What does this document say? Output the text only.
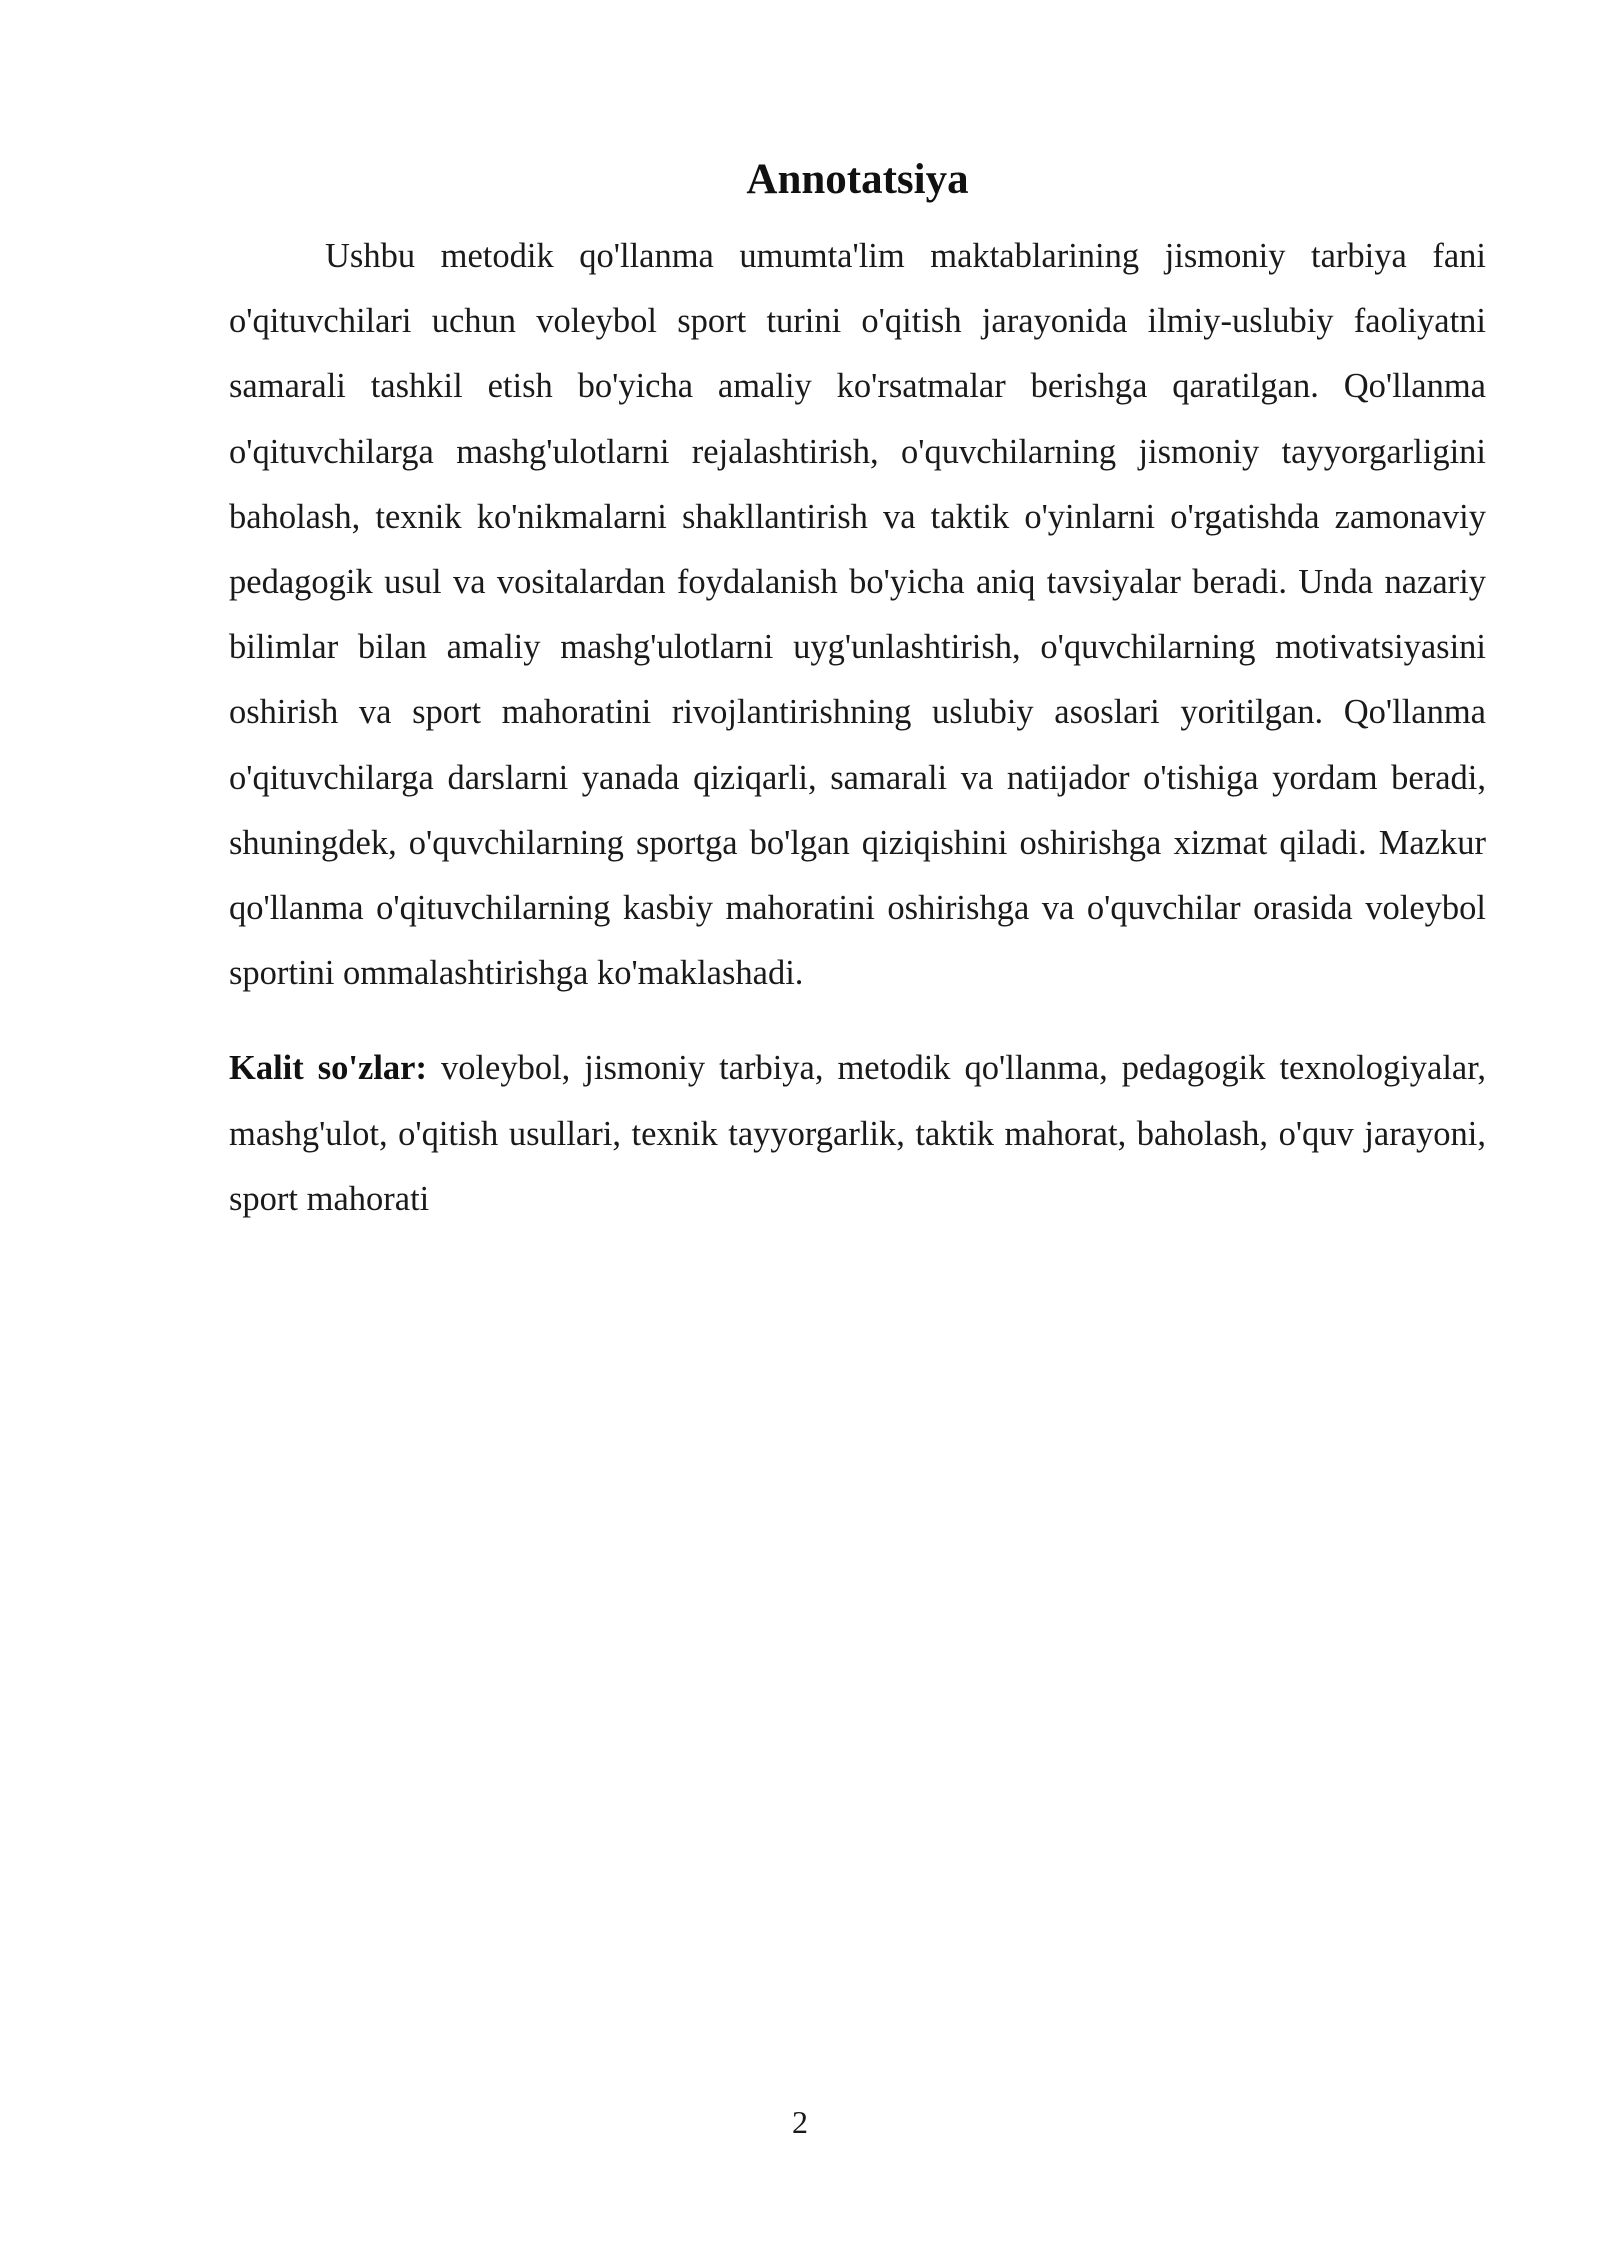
Annotatsiya

Ushbu metodik qo'llanma umumta'lim maktablarining jismoniy tarbiya fani o'qituvchilari uchun voleybol sport turini o'qitish jarayonida ilmiy-uslubiy faoliyatni samarali tashkil etish bo'yicha amaliy ko'rsatmalar berishga qaratilgan. Qo'llanma o'qituvchilarga mashg'ulotlarni rejalashtirish, o'quvchilarning jismoniy tayyorgarligini baholash, texnik ko'nikmalarni shakllantirish va taktik o'yinlarni o'rgatishda zamonaviy pedagogik usul va vositalardan foydalanish bo'yicha aniq tavsiyalar beradi. Unda nazariy bilimlar bilan amaliy mashg'ulotlarni uyg'unlashtirish, o'quvchilarning motivatsiyasini oshirish va sport mahoratini rivojlantirishning uslubiy asoslari yoritilgan. Qo'llanma o'qituvchilarga darslarni yanada qiziqarli, samarali va natijador o'tishiga yordam beradi, shuningdek, o'quvchilarning sportga bo'lgan qiziqishini oshirishga xizmat qiladi. Mazkur qo'llanma o'qituvchilarning kasbiy mahoratini oshirishga va o'quvchilar orasida voleybol sportini ommalashtirishga ko'maklashadi.

Kalit so'zlar: voleybol, jismoniy tarbiya, metodik qo'llanma, pedagogik texnologiyalar, mashg'ulot, o'qitish usullari, texnik tayyorgarlik, taktik mahorat, baholash, o'quv jarayoni, sport mahorati

2
